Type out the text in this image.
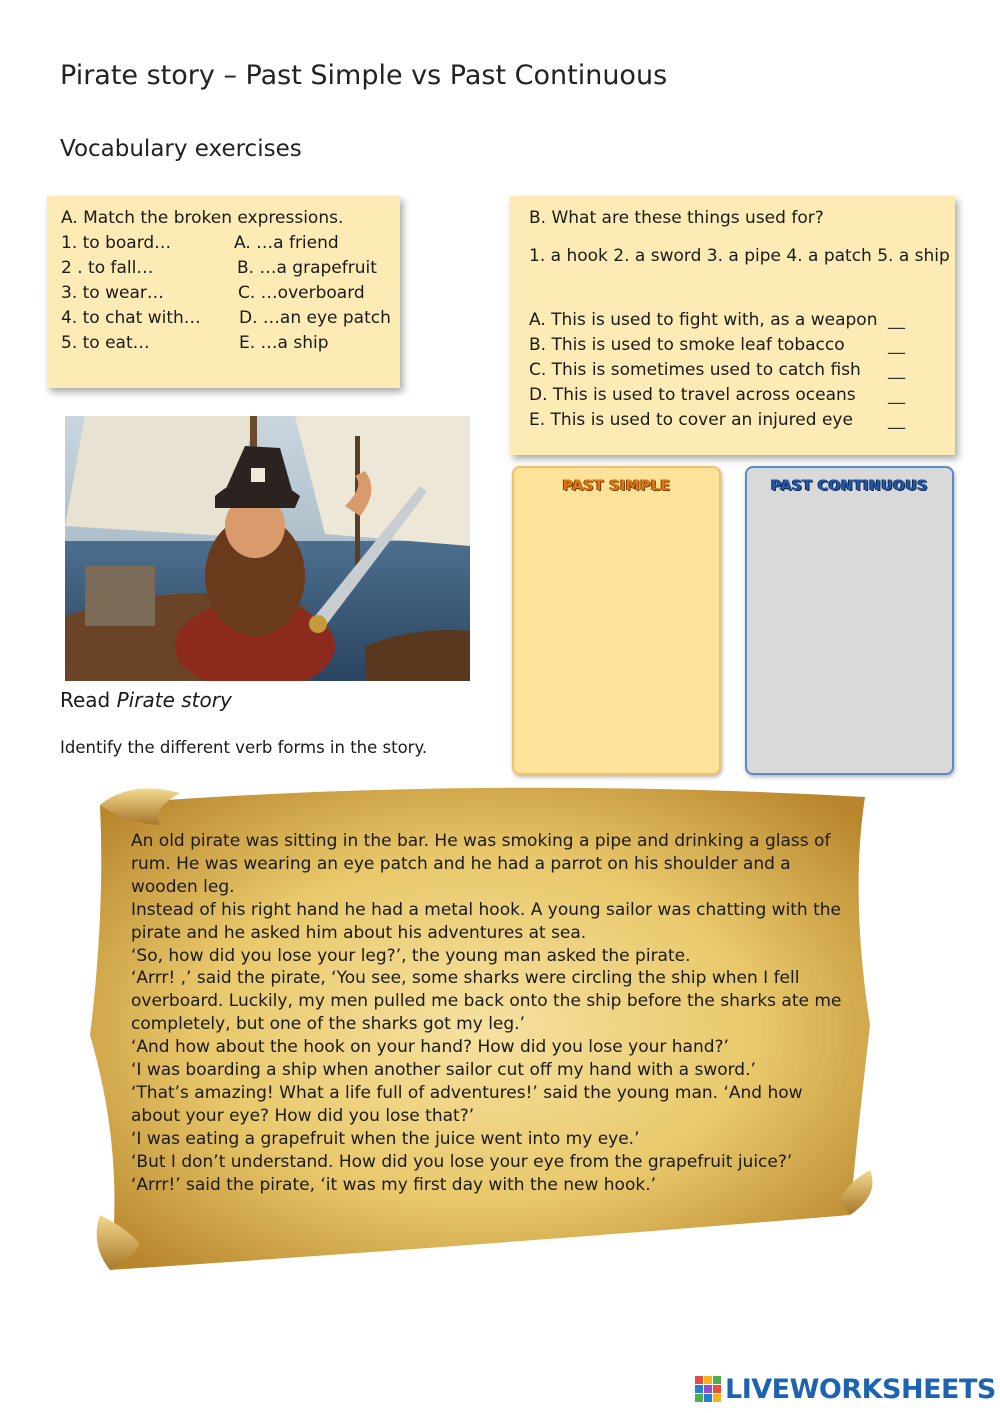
Pirate story – Past Simple vs Past Continuous
Vocabulary exercises
A. Match the broken expressions.
1. to board…
2 . to fall…
3. to wear…
4. to chat with…
5. to eat…
A. …a friend
B. …a grapefruit
C. …overboard
D. …an eye patch
E. …a ship
B. What are these things used for?
1. a hook 2. a sword 3. a pipe 4. a patch 5. a ship
A. This is used to fight with, as a weapon
B. This is used to smoke leaf tobacco
C. This is sometimes used to catch fish
D. This is used to travel across oceans
E. This is used to cover an injured eye
__
__
__
__
__
Read Pirate story
Identify the different verb forms in the story.
PAST SIMPLE	PAST CONTINUOUS

An old pirate was sitting in the bar. He was smoking a pipe and drinking a glass of rum. He was wearing an eye patch and he had a parrot on his shoulder and a wooden leg.

Instead of his right hand he had a metal hook. A young sailor was chatting with the pirate and he asked him about his adventures at sea.

‘So, how did you lose your leg?’, the young man asked the pirate.

‘Arrr! ,’ said the pirate, ‘You see, some sharks were circling the ship when I fell overboard. Luckily, my men pulled me back onto the ship before the sharks ate me completely, but one of the sharks got my leg.’

‘And how about the hook on your hand? How did you lose your hand?’

‘I was boarding a ship when another sailor cut off my hand with a sword.’

‘That’s amazing! What a life full of adventures!’ said the young man. ‘And how about your eye? How did you lose that?’

‘I was eating a grapefruit when the juice went into my eye.’

‘But I don’t understand. How did you lose your eye from the grapefruit juice?’

‘Arrr!’ said the pirate, ‘it was my first day with the new hook.’

LIVEWORKSHEETS
